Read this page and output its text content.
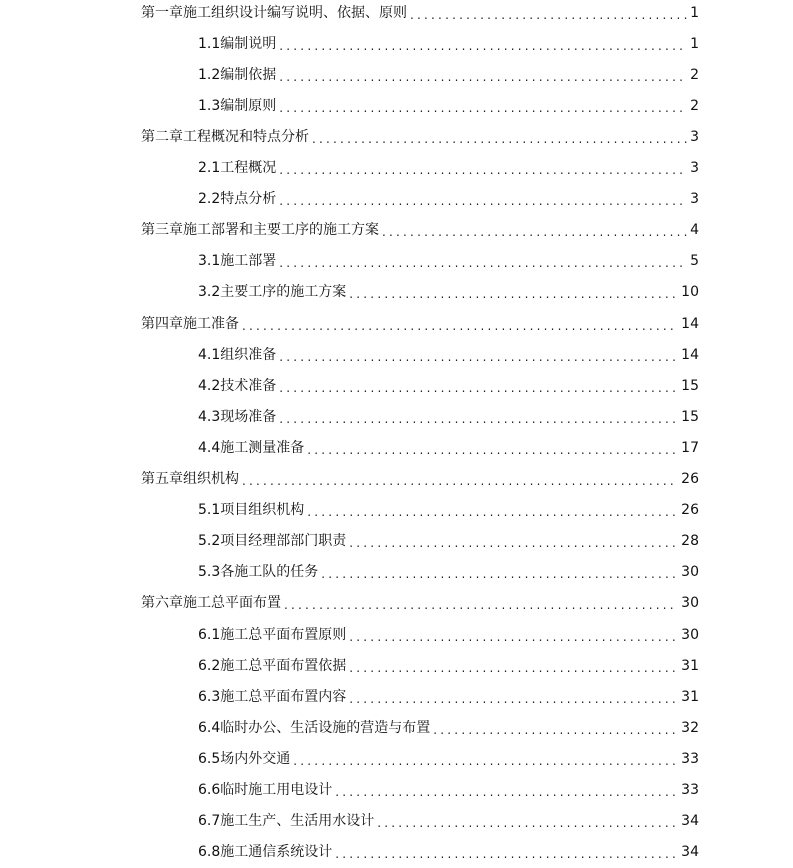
第一章 施工组织设计编写说明、依据、原则 .....	1
1.1 编制说明 .....	1
1.2 编制依据 .....	2
1.3 编制原则 .....	2
第二章 工程概况和特点分析 .....	3
2.1 工程概况 .....	3
2.2 特点分析 .....	3
第三章 施工部署和主要工序的施工方案 .....	4
3.1 施工部署 .....	5
3.2 主要工序的施工方案 .....	10
第四章 施工准备 .....	14
4.1 组织准备 .....	14
4.2 技术准备 .....	15
4.3 现场准备 .....	15
4.4 施工测量准备 .....	17
第五章 组织机构 .....	26
5.1 项目组织机构 .....	26
5.2 项目经理部部门职责 .....	28
5.3 各施工队的任务 .....	30
第六章 施工总平面布置 .....	30
6.1 施工总平面布置原则 .....	30
6.2 施工总平面布置依据 .....	31
6.3 施工总平面布置内容 .....	31
6.4 临时办公、生活设施的营造与布置 .....	32
6.5 场内外交通 .....	33
6.6 临时施工用电设计 .....	33
6.7 施工生产、生活用水设计 .....	34
6.8 施工通信系统设计 .....	34
